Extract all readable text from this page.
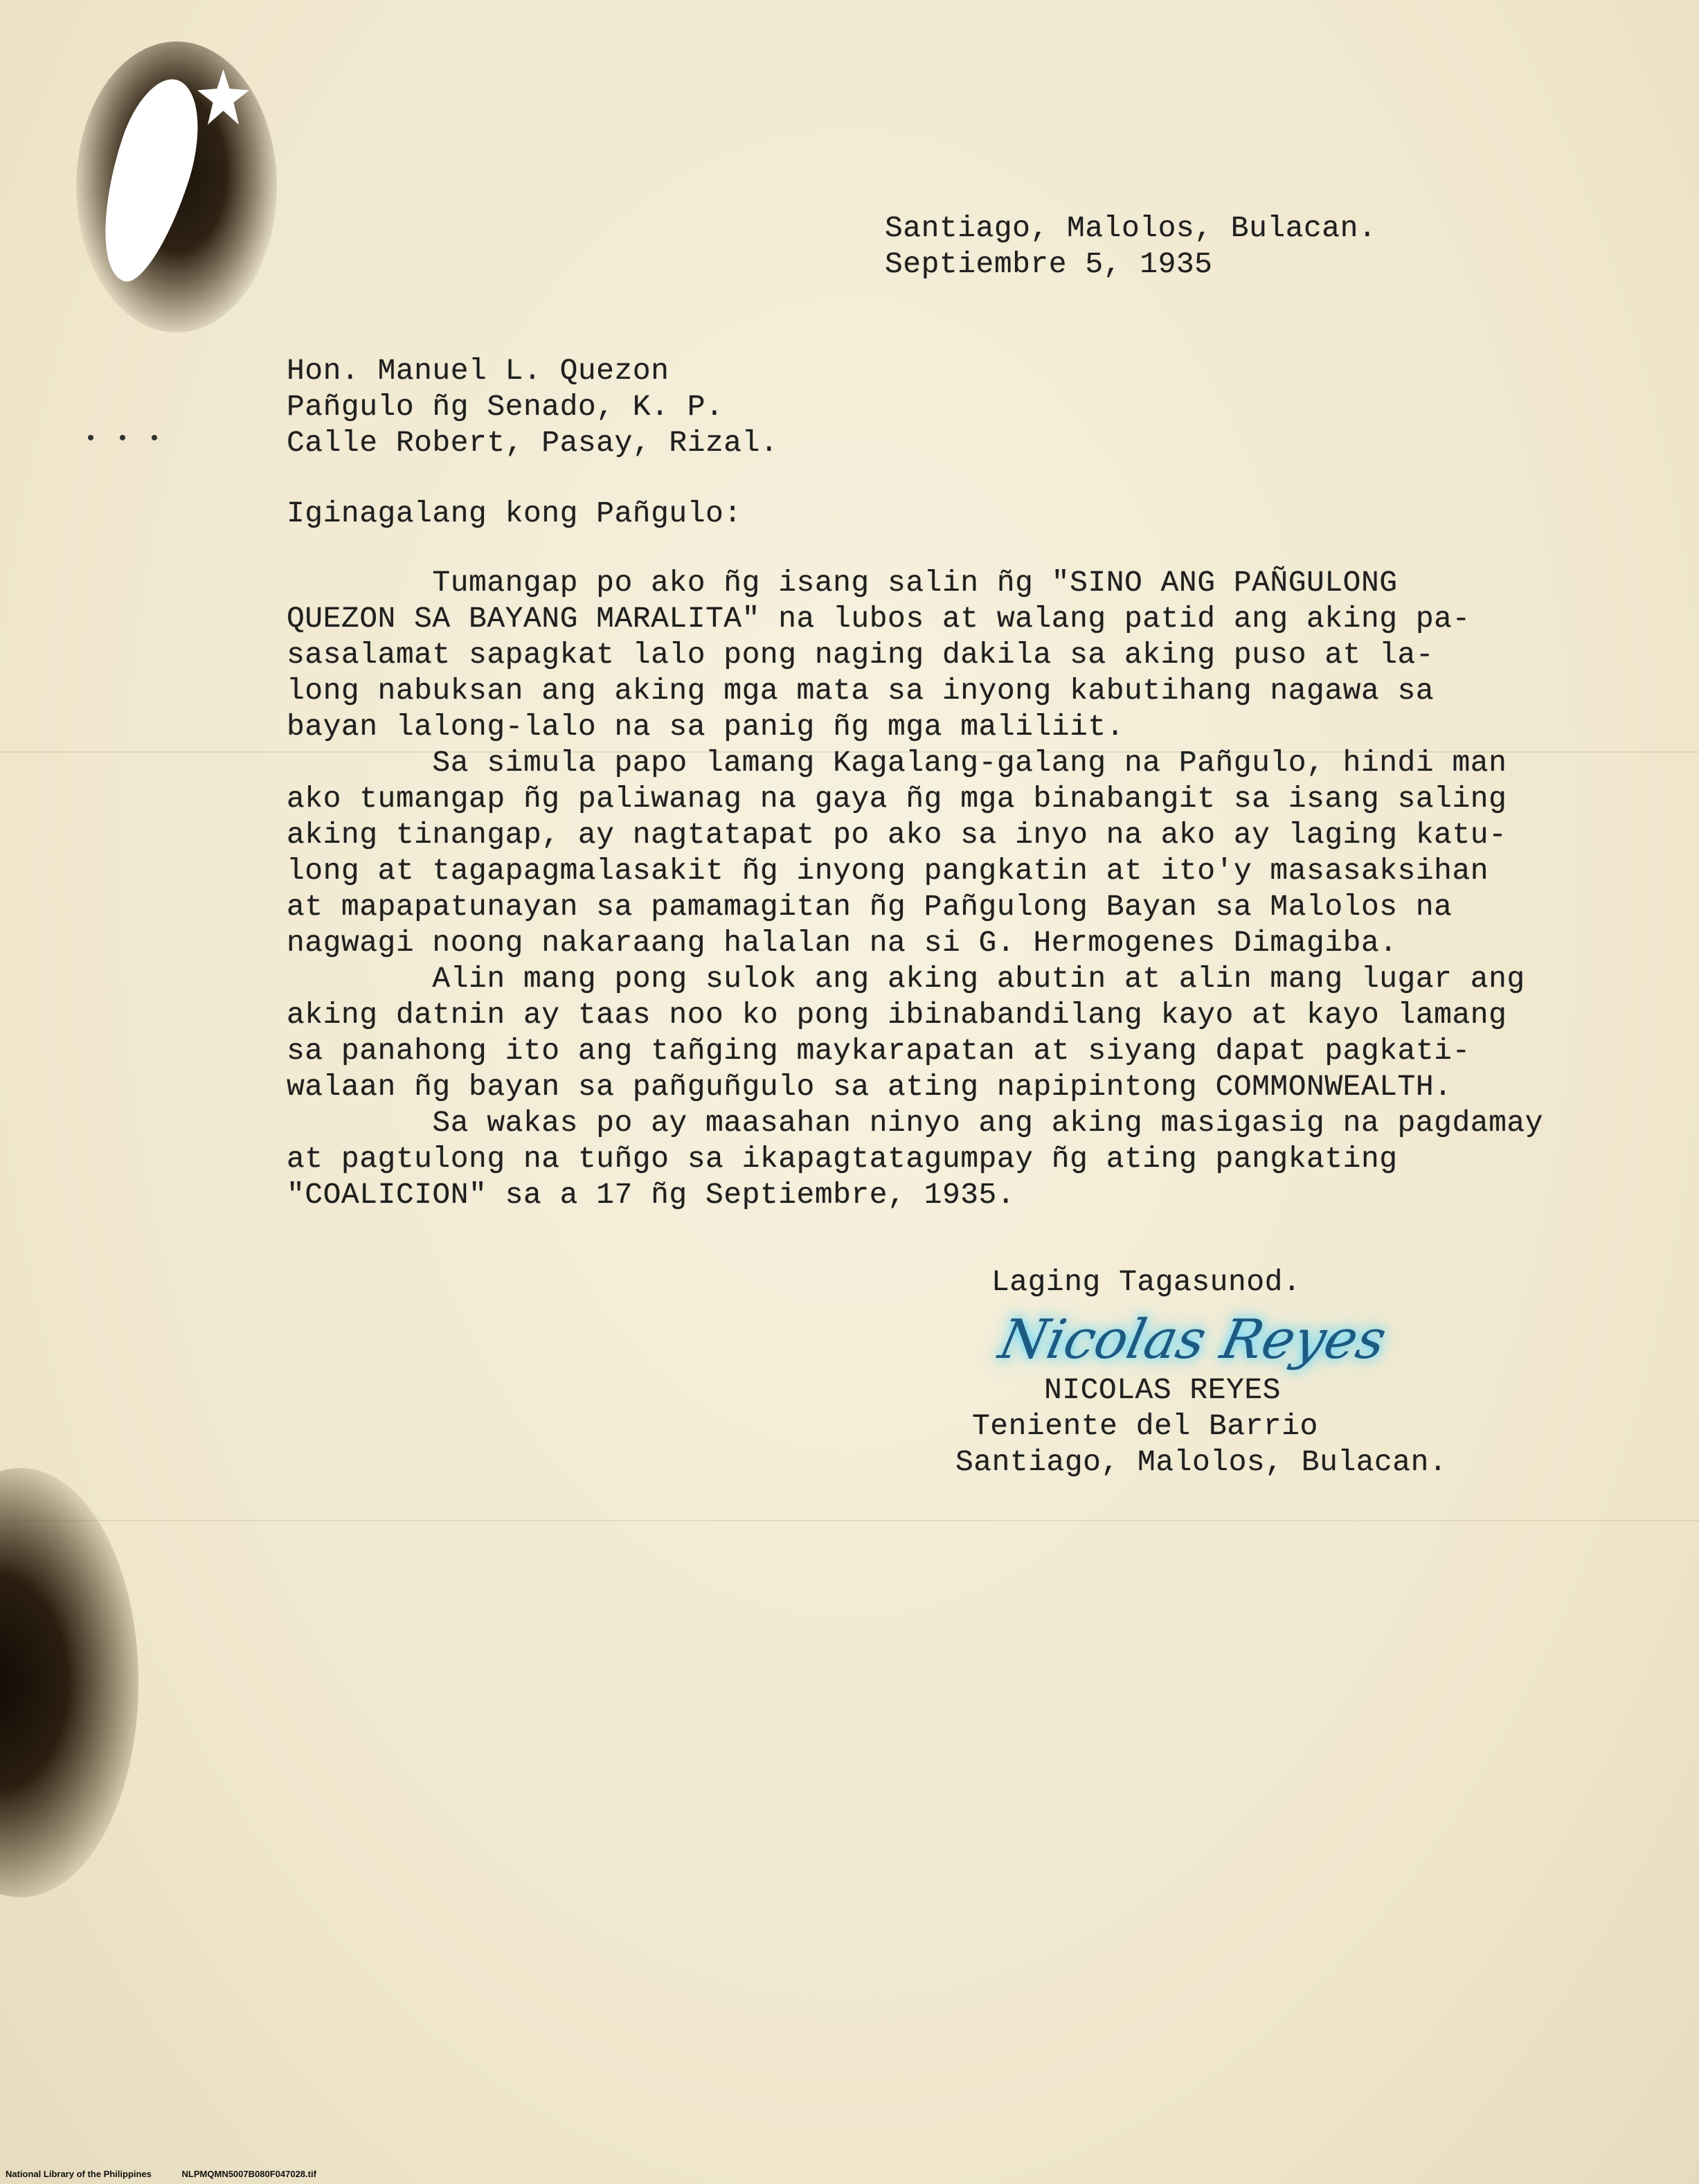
•••
Santiago, Malolos, Bulacan.
Septiembre 5, 1935
Hon. Manuel L. Quezon
Pañgulo ñg Senado, K. P.
Calle Robert, Pasay, Rizal.
Iginagalang kong Pañgulo:
Tumangap po ako ñg isang salin ñg "SINO ANG PAÑGULONG
QUEZON SA BAYANG MARALITA" na lubos at walang patid ang aking pa-
sasalamat sapagkat lalo pong naging dakila sa aking puso at la-
long nabuksan ang aking mga mata sa inyong kabutihang nagawa sa
bayan lalong-lalo na sa panig ñg mga maliliit.
Sa simula papo lamang Kagalang-galang na Pañgulo, hindi man
ako tumangap ñg paliwanag na gaya ñg mga binabangit sa isang saling
aking tinangap, ay nagtatapat po ako sa inyo na ako ay laging katu-
long at tagapagmalasakit ñg inyong pangkatin at ito'y masasaksihan
at mapapatunayan sa pamamagitan ñg Pañgulong Bayan sa Malolos na
nagwagi noong nakaraang halalan na si G. Hermogenes Dimagiba.
Alin mang pong sulok ang aking abutin at alin mang lugar ang
aking datnin ay taas noo ko pong ibinabandilang kayo at kayo lamang
sa panahong ito ang tañging maykarapatan at siyang dapat pagkati-
walaan ñg bayan sa pañguñgulo sa ating napipintong COMMONWEALTH.
Sa wakas po ay maasahan ninyo ang aking masigasig na pagdamay
at pagtulong na tuñgo sa ikapagtatagumpay ñg ating pangkating
"COALICION" sa a 17 ñg Septiembre, 1935.
Laging Tagasunod.
Nicolas Reyes
NICOLAS REYES
Teniente del Barrio
Santiago, Malolos, Bulacan.
National Library of the Philippines	NLPMQMN5007B080F047028.tif
